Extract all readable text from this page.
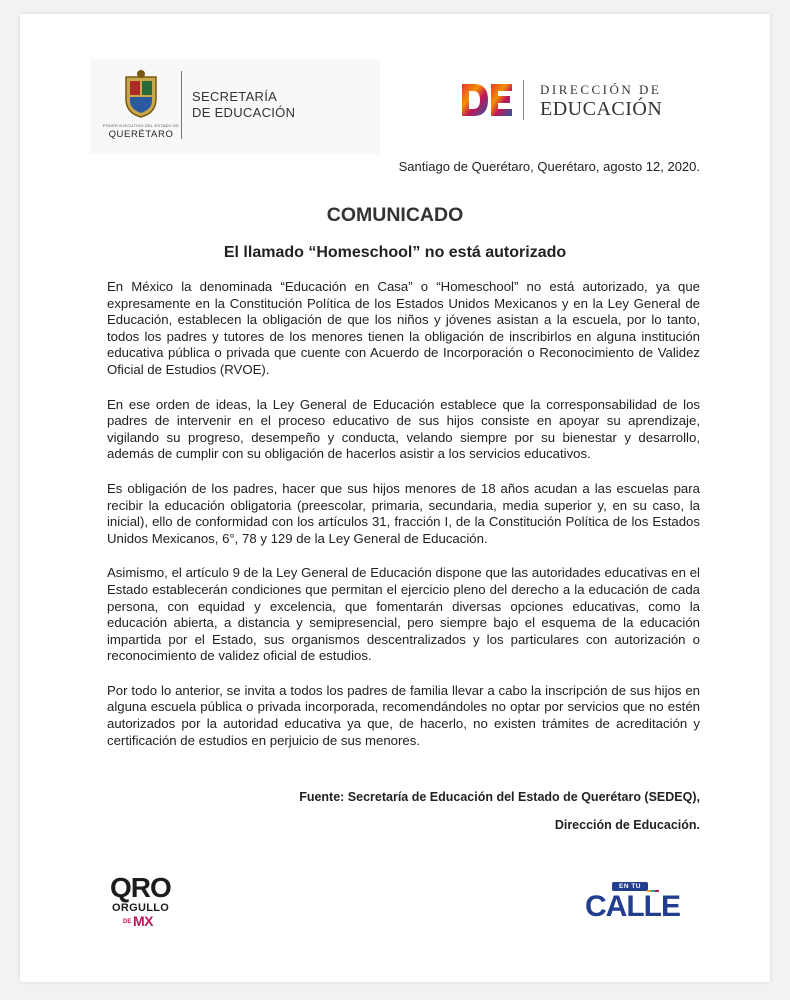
PODER EJECUTIVO DEL ESTADO DE
QUERÉTARO
SECRETARÍA
DE EDUCACIÓN
DIRECCIÓN DE
EDUCACIÓN
Santiago de Querétaro, Querétaro, agosto 12, 2020.
COMUNICADO
El llamado “Homeschool” no está autorizado

En México la denominada “Educación en Casa” o “Homeschool” no está autorizado, ya que expresamente en la Constitución Política de los Estados Unidos Mexicanos y en la Ley General de Educación, establecen la obligación de que los niños y jóvenes asistan a la escuela, por lo tanto, todos los padres y tutores de los menores tienen la obligación de inscribirlos en alguna institución educativa pública o privada que cuente con Acuerdo de Incorporación o Reconocimiento de Validez Oficial de Estudios (RVOE).

En ese orden de ideas, la Ley General de Educación establece que la corresponsabilidad de los padres de intervenir en el proceso educativo de sus hijos consiste en apoyar su aprendizaje, vigilando su progreso, desempeño y conducta, velando siempre por su bienestar y desarrollo, además de cumplir con su obligación de hacerlos asistir a los servicios educativos.

Es obligación de los padres, hacer que sus hijos menores de 18 años acudan a las escuelas para recibir la educación obligatoria (preescolar, primaria, secundaria, media superior y, en su caso, la inicial), ello de conformidad con los artículos 31, fracción I, de la Constitución Política de los Estados Unidos Mexicanos, 6°, 78 y 129 de la Ley General de Educación.

Asimismo, el artículo 9 de la Ley General de Educación dispone que las autoridades educativas en el Estado establecerán condiciones que permitan el ejercicio pleno del derecho a la educación de cada persona, con equidad y excelencia, que fomentarán diversas opciones educativas, como la educación abierta, a distancia y semipresencial, pero siempre bajo el esquema de la educación impartida por el Estado, sus organismos descentralizados y los particulares con autorización o reconocimiento de validez oficial de estudios.

Por todo lo anterior, se invita a todos los padres de familia llevar a cabo la inscripción de sus hijos en alguna escuela pública o privada incorporada, recomendándoles no optar por servicios que no estén autorizados por la autoridad educativa ya que, de hacerlo, no existen trámites de acreditación y certificación de estudios en perjuicio de sus menores.

Fuente: Secretaría de Educación del Estado de Querétaro (SEDEQ),
Dirección de Educación.
QRO
ORGULLO
DE MX
EN TU
CALLE
